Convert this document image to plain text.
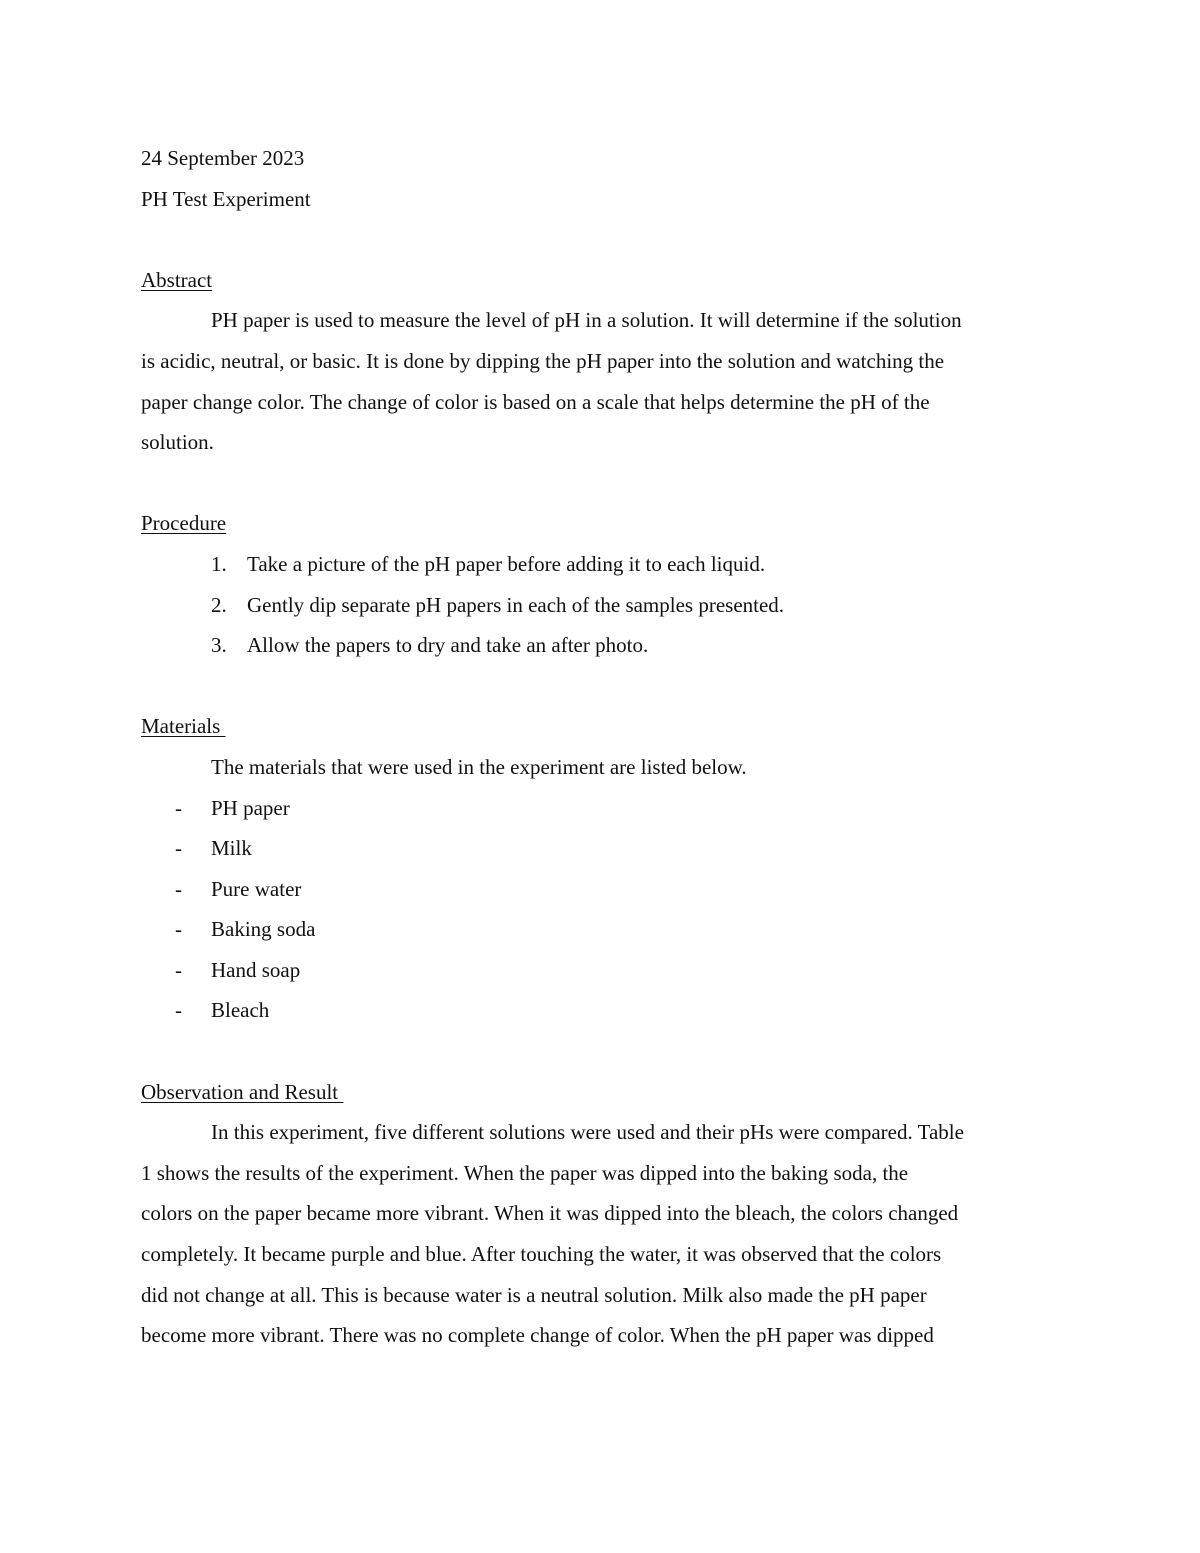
24 September 2023
PH Test Experiment
Abstract
PH paper is used to measure the level of pH in a solution. It will determine if the solution
is acidic, neutral, or basic. It is done by dipping the pH paper into the solution and watching the
paper change color. The change of color is based on a scale that helps determine the pH of the
solution.
Procedure
1. Take a picture of the pH paper before adding it to each liquid.
2. Gently dip separate pH papers in each of the samples presented.
3. Allow the papers to dry and take an after photo.
Materials
The materials that were used in the experiment are listed below.
-	PH paper
-	Milk
-	Pure water
-	Baking soda
-	Hand soap
-	Bleach
Observation and Result
In this experiment, five different solutions were used and their pHs were compared. Table
1 shows the results of the experiment. When the paper was dipped into the baking soda, the
colors on the paper became more vibrant. When it was dipped into the bleach, the colors changed
completely. It became purple and blue. After touching the water, it was observed that the colors
did not change at all. This is because water is a neutral solution. Milk also made the pH paper
become more vibrant. There was no complete change of color. When the pH paper was dipped
